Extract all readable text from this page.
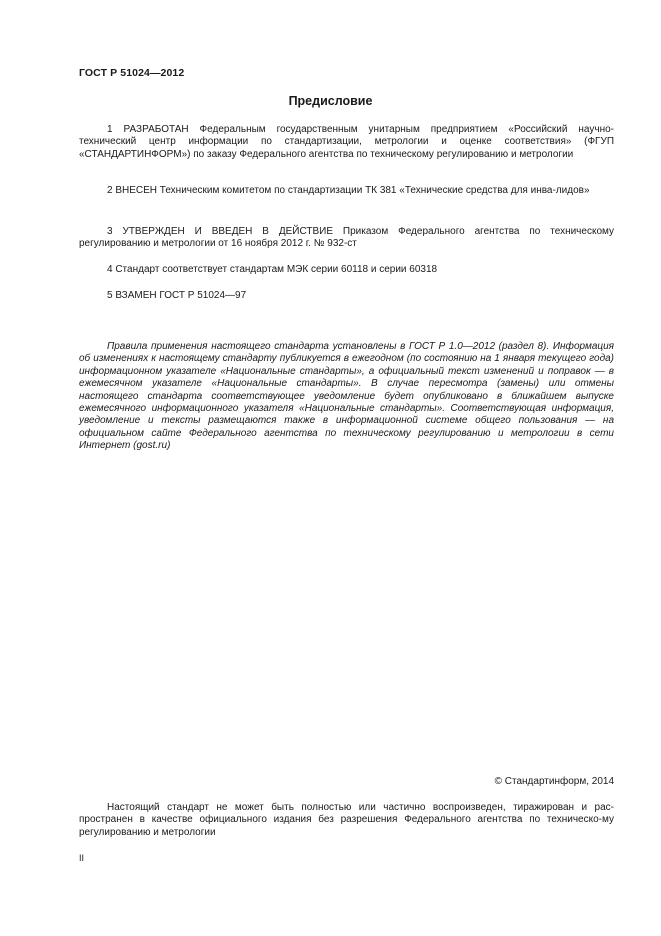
ГОСТ Р 51024—2012
Предисловие

1 РАЗРАБОТАН Федеральным государственным унитарным предприятием «Российский научно-технический центр информации по стандартизации, метрологии и оценке соответствия» (ФГУП «СТАНДАРТИНФОРМ») по заказу Федерального агентства по техническому регулированию и метрологии

2 ВНЕСЕН Техническим комитетом по стандартизации ТК 381 «Технические средства для инва-лидов»

3 УТВЕРЖДЕН И ВВЕДЕН В ДЕЙСТВИЕ Приказом Федерального агентства по техническому регулированию и метрологии от 16 ноября 2012 г. № 932-ст

4 Стандарт соответствует стандартам МЭК серии 60118 и серии 60318

5 ВЗАМЕН ГОСТ Р 51024—97

Правила применения настоящего стандарта установлены в ГОСТ Р 1.0—2012 (раздел 8). Информация об изменениях к настоящему стандарту публикуется в ежегодном (по состоянию на 1 января текущего года) информационном указателе «Национальные стандарты», а официальный текст изменений и поправок — в ежемесячном указателе «Национальные стандарты». В случае пересмотра (замены) или отмены настоящего стандарта соответствующее уведомление будет опубликовано в ближайшем выпуске ежемесячного информационного указателя «Национальные стандарты». Соответствующая информация, уведомление и тексты размещаются также в информационной системе общего пользования — на официальном сайте Федерального агентства по техническому регулированию и метрологии в сети Интернет (gost.ru)

© Стандартинформ, 2014

Настоящий стандарт не может быть полностью или частично воспроизведен, тиражирован и рас-пространен в качестве официального издания без разрешения Федерального агентства по техническо-му регулированию и метрологии

II
